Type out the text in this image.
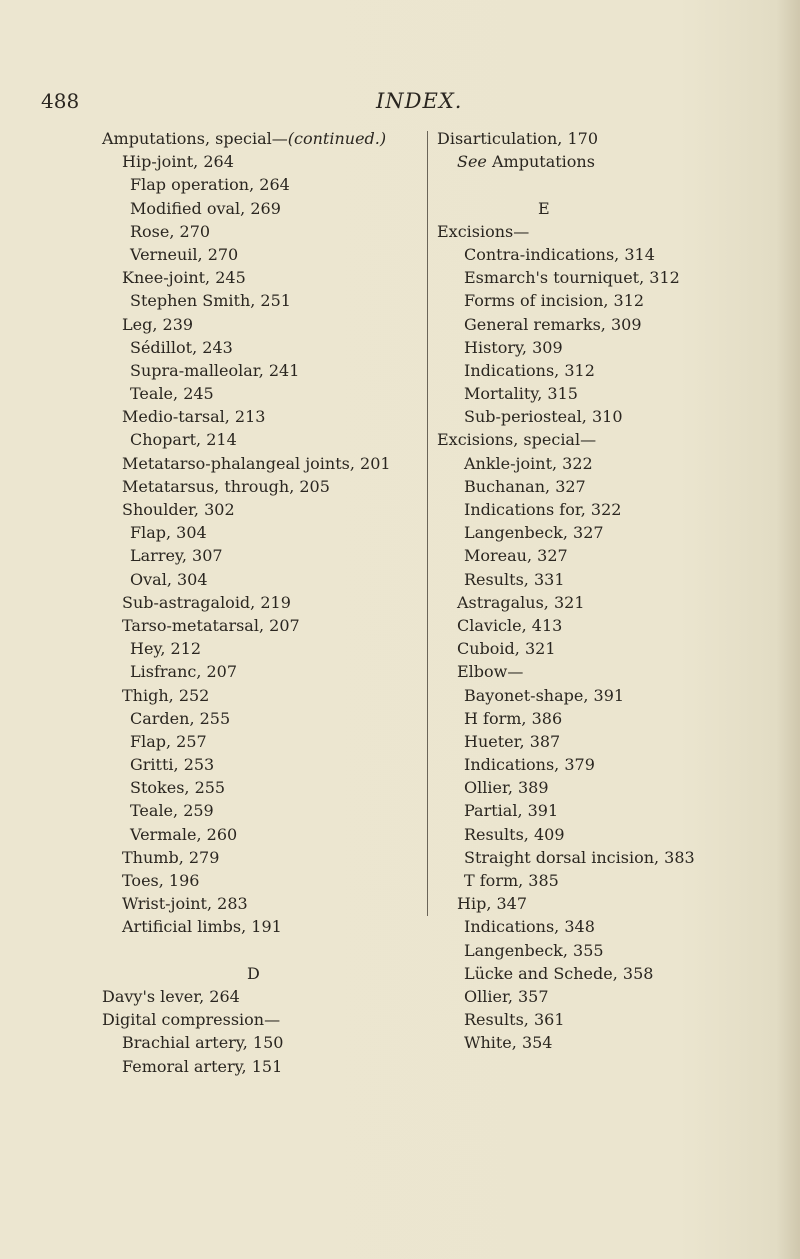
488	INDEX.
Amputations, special—(continued.)
Hip-joint, 264
Flap operation, 264
Modified oval, 269
Rose, 270
Verneuil, 270
Knee-joint, 245
Stephen Smith, 251
Leg, 239
Sédillot, 243
Supra-malleolar, 241
Teale, 245
Medio-tarsal, 213
Chopart, 214
Metatarso-phalangeal joints, 201
Metatarsus, through, 205
Shoulder, 302
Flap, 304
Larrey, 307
Oval, 304
Sub-astragaloid, 219
Tarso-metatarsal, 207
Hey, 212
Lisfranc, 207
Thigh, 252
Carden, 255
Flap, 257
Gritti, 253
Stokes, 255
Teale, 259
Vermale, 260
Thumb, 279
Toes, 196
Wrist-joint, 283
Artificial limbs, 191
D
Davy's lever, 264
Digital compression—
Brachial artery, 150
Femoral artery, 151
Disarticulation, 170
See Amputations
E
Excisions—
Contra-indications, 314
Esmarch's tourniquet, 312
Forms of incision, 312
General remarks, 309
History, 309
Indications, 312
Mortality, 315
Sub-periosteal, 310
Excisions, special—
Ankle-joint, 322
Buchanan, 327
Indications for, 322
Langenbeck, 327
Moreau, 327
Results, 331
Astragalus, 321
Clavicle, 413
Cuboid, 321
Elbow—
Bayonet-shape, 391
H form, 386
Hueter, 387
Indications, 379
Ollier, 389
Partial, 391
Results, 409
Straight dorsal incision, 383
T form, 385
Hip, 347
Indications, 348
Langenbeck, 355
Lücke and Schede, 358
Ollier, 357
Results, 361
White, 354
